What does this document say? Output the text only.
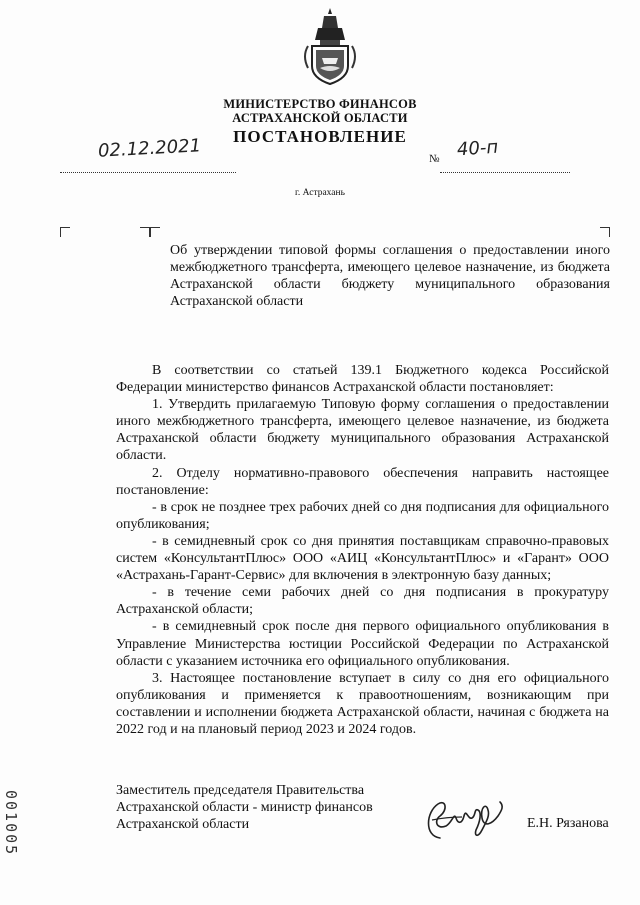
МИНИСТЕРСТВО ФИНАНСОВ
АСТРАХАНСКОЙ ОБЛАСТИ
ПОСТАНОВЛЕНИЕ
02.12.2021	№ 40-п
г. Астрахань
Об утверждении типовой формы соглашения о предоставлении иного межбюджетного трансферта, имеющего целевое назначение, из бюджета Астраханской области бюджету муниципального образования Астраханской области

В соответствии со статьей 139.1 Бюджетного кодекса Российской Федерации министерство финансов Астраханской области постановляет:

1. Утвердить прилагаемую Типовую форму соглашения о предоставлении иного межбюджетного трансферта, имеющего целевое назначение, из бюджета Астраханской области бюджету муниципального образования Астраханской области.

2. Отделу нормативно-правового обеспечения направить настоящее постановление:

- в срок не позднее трех рабочих дней со дня подписания для официального опубликования;

- в семидневный срок со дня принятия поставщикам справочно-правовых систем «КонсультантПлюс» ООО «АИЦ «КонсультантПлюс» и «Гарант» ООО «Астрахань-Гарант-Сервис» для включения в электронную базу данных;

- в течение семи рабочих дней со дня подписания в прокуратуру Астраханской области;

- в семидневный срок после дня первого официального опубликования в Управление Министерства юстиции Российской Федерации по Астраханской области с указанием источника его официального опубликования.

3. Настоящее постановление вступает в силу со дня его официального опубликования и применяется к правоотношениям, возникающим при составлении и исполнении бюджета Астраханской области, начиная с бюджета на 2022 год и на плановый период 2023 и 2024 годов.

Заместитель председателя Правительства
Астраханской области - министр финансов
Астраханской области	Е.Н. Рязанова
001005
